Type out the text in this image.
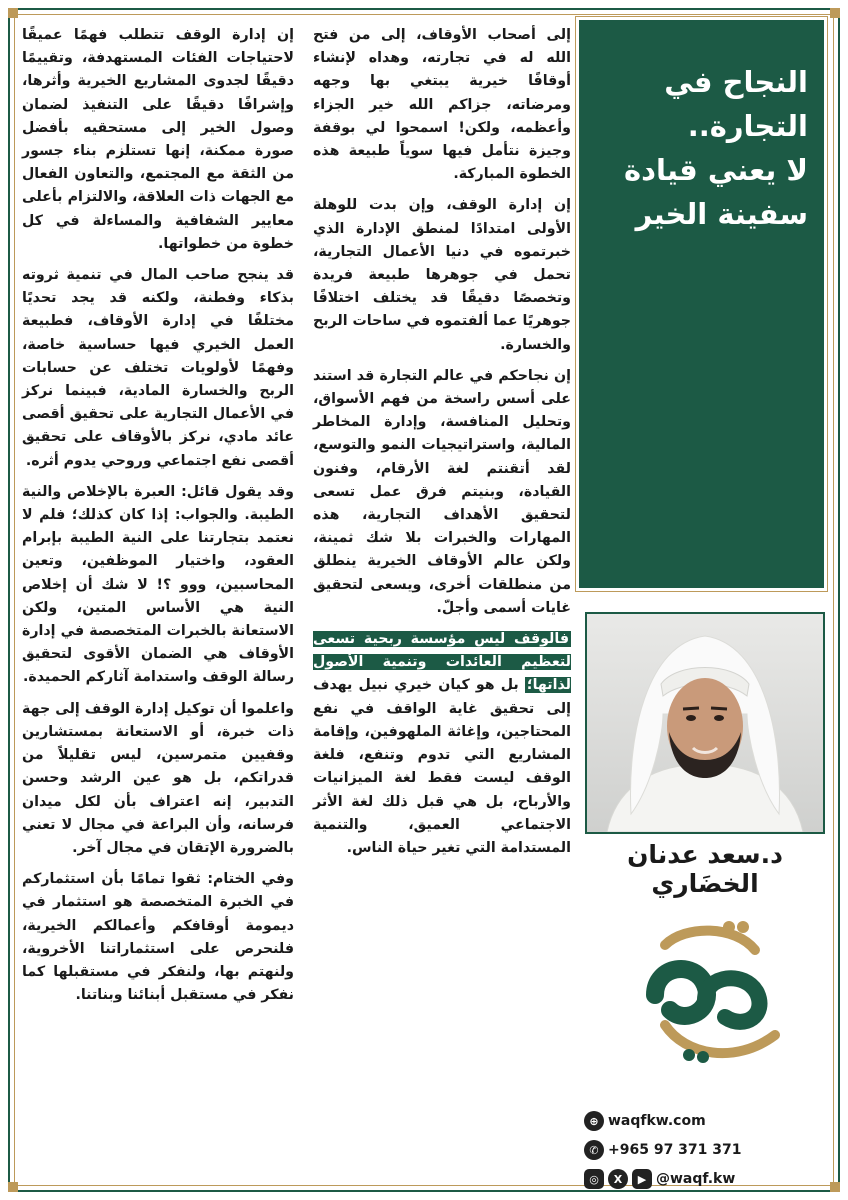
إن إدارة الوقف تتطلب فهمًا عميقًا لاحتياجات الفئات المستهدفة، وتقييمًا دقيقًا لجدوى المشاريع الخيرية وأثرها، وإشرافًا دقيقًا على التنفيذ لضمان وصول الخير إلى مستحقيه بأفضل صورة ممكنة، إنها تستلزم بناء جسور من الثقة مع المجتمع، والتعاون الفعال مع الجهات ذات العلاقة، والالتزام بأعلى معايير الشفافية والمساءلة في كل خطوة من خطواتها.

قد ينجح صاحب المال في تنمية ثروته بذكاء وفطنة، ولكنه قد يجد تحديًا مختلفًا في إدارة الأوقاف، فطبيعة العمل الخيري فيها حساسية خاصة، وفهمًا لأولويات تختلف عن حسابات الربح والخسارة المادية، فبينما نركز في الأعمال التجارية على تحقيق أقصى عائد مادي، نركز بالأوقاف على تحقيق أقصى نفع اجتماعي وروحي يدوم أثره.

وقد يقول قائل: العبرة بالإخلاص والنية الطيبة. والجواب: إذا كان كذلك؛ فلم لا نعتمد بتجارتنا على النية الطيبة بإبرام العقود، واختيار الموظفين، وتعين المحاسبين، ووو ؟! لا شك أن إخلاص النية هي الأساس المتين، ولكن الاستعانة بالخبرات المتخصصة في إدارة الأوقاف هي الضمان الأقوى لتحقيق رسالة الوقف واستدامة آثاركم الحميدة.

واعلموا أن توكيل إدارة الوقف إلى جهة ذات خبرة، أو الاستعانة بمستشارين وقفيين متمرسين، ليس تقليلاً من قدراتكم، بل هو عين الرشد وحسن التدبير، إنه اعتراف بأن لكل ميدان فرسانه، وأن البراعة في مجال لا تعني بالضرورة الإتقان في مجال آخر.

وفي الختام: ثقوا تمامًا بأن استثماركم في الخبرة المتخصصة هو استثمار في ديمومة أوقافكم وأعمالكم الخيرية، فلنحرص على استثماراتنا الأخروية، ولنهتم بها، ولنفكر في مستقبلها كما نفكر في مستقبل أبنائنا وبناتنا.

إلى أصحاب الأوقاف، إلى من فتح الله له في تجارته، وهداه لإنشاء أوقافًا خيرية يبتغي بها وجهه ومرضاته، جزاكم الله خير الجزاء وأعظمه، ولكن! اسمحوا لي بوقفة وجيزة نتأمل فيها سوياً طبيعة هذه الخطوة المباركة.

إن إدارة الوقف، وإن بدت للوهلة الأولى امتدادًا لمنطق الإدارة الذي خبرتموه في دنيا الأعمال التجارية، تحمل في جوهرها طبيعة فريدة وتخصصًا دقيقًا قد يختلف اختلافًا جوهريًا عما ألفتموه في ساحات الربح والخسارة.

إن نجاحكم في عالم التجارة قد استند على أسس راسخة من فهم الأسواق، وتحليل المنافسة، وإدارة المخاطر المالية، واستراتيجيات النمو والتوسع، لقد أتقنتم لغة الأرقام، وفنون القيادة، وبنيتم فرق عمل تسعى لتحقيق الأهداف التجارية، هذه المهارات والخبرات بلا شك ثمينة، ولكن عالم الأوقاف الخيرية ينطلق من منطلقات أخرى، ويسعى لتحقيق غايات أسمى وأجلّ.

فالوقف ليس مؤسسة ربحية تسعى لتعظيم العائدات وتنمية الأصول لذاتها؛ بل هو كيان خيري نبيل يهدف إلى تحقيق غاية الواقف في نفع المحتاجين، وإغاثة الملهوفين، وإقامة المشاريع التي تدوم وتنفع، فلغة الوقف ليست فقط لغة الميزانيات والأرباح، بل هي قبل ذلك لغة الأثر الاجتماعي العميق، والتنمية المستدامة التي تغير حياة الناس.

النجاح في التجارة..
لا يعني قيادة
سفينة الخير
د.سعد عدنان الخضَاري
⊕ waqfkw.com
✆ +965 97 371 371
◎	X	▶ @waqf.kw
